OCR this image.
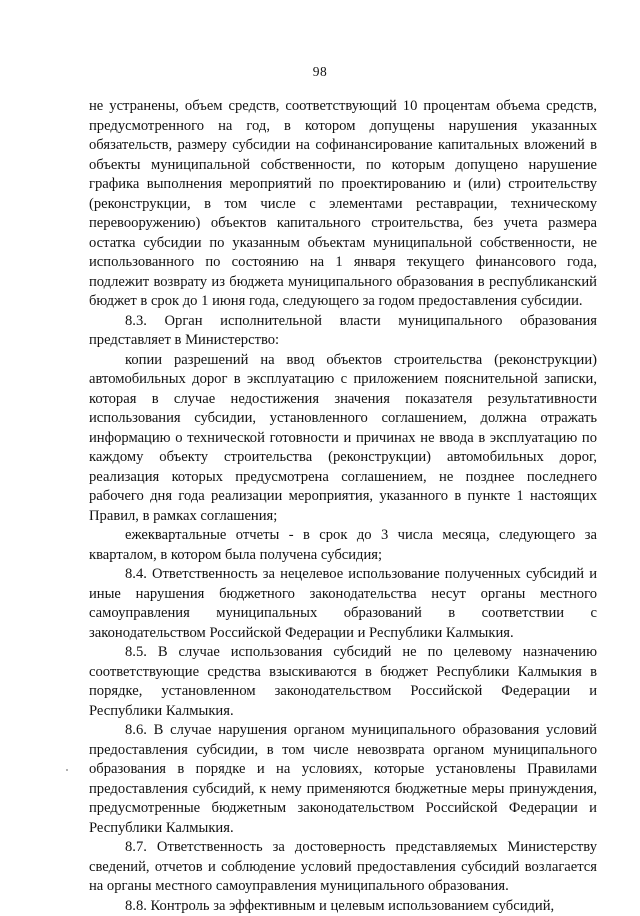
98

не устранены, объем средств, соответствующий 10 процентам объема средств, предусмотренного на год, в котором допущены нарушения указанных обязательств, размеру субсидии на софинансирование капитальных вложений в объекты муниципальной собственности, по которым допущено нарушение графика выполнения мероприятий по проектированию и (или) строительству (реконструкции, в том числе с элементами реставрации, техническому перевооружению) объектов капитального строительства, без учета размера остатка субсидии по указанным объектам муниципальной собственности, не использованного по состоянию на 1 января текущего финансового года, подлежит возврату из бюджета муниципального образования в республиканский бюджет в срок до 1 июня года, следующего за годом предоставления субсидии.

8.3. Орган исполнительной власти муниципального образования представляет в Министерство:

копии разрешений на ввод объектов строительства (реконструкции) автомобильных дорог в эксплуатацию с приложением пояснительной записки, которая в случае недостижения значения показателя результативности использования субсидии, установленного соглашением, должна отражать информацию о технической готовности и причинах не ввода в эксплуатацию по каждому объекту строительства (реконструкции) автомобильных дорог, реализация которых предусмотрена соглашением, не позднее последнего рабочего дня года реализации мероприятия, указанного в пункте 1 настоящих Правил, в рамках соглашения;

ежеквартальные отчеты - в срок до 3 числа месяца, следующего за кварталом, в котором была получена субсидия;

8.4. Ответственность за нецелевое использование полученных субсидий и иные нарушения бюджетного законодательства несут органы местного самоуправления муниципальных образований в соответствии с законодательством Российской Федерации и Республики Калмыкия.

8.5. В случае использования субсидий не по целевому назначению соответствующие средства взыскиваются в бюджет Республики Калмыкия в порядке, установленном законодательством Российской Федерации и Республики Калмыкия.

8.6. В случае нарушения органом муниципального образования условий предоставления субсидии, в том числе невозврата органом муниципального образования в порядке и на условиях, которые установлены Правилами предоставления субсидий, к нему применяются бюджетные меры принуждения, предусмотренные бюджетным законодательством Российской Федерации и Республики Калмыкия.

8.7. Ответственность за достоверность представляемых Министерству сведений, отчетов и соблюдение условий предоставления субсидий возлагается на органы местного самоуправления муниципального образования.

8.8. Контроль за эффективным и целевым использованием субсидий,
